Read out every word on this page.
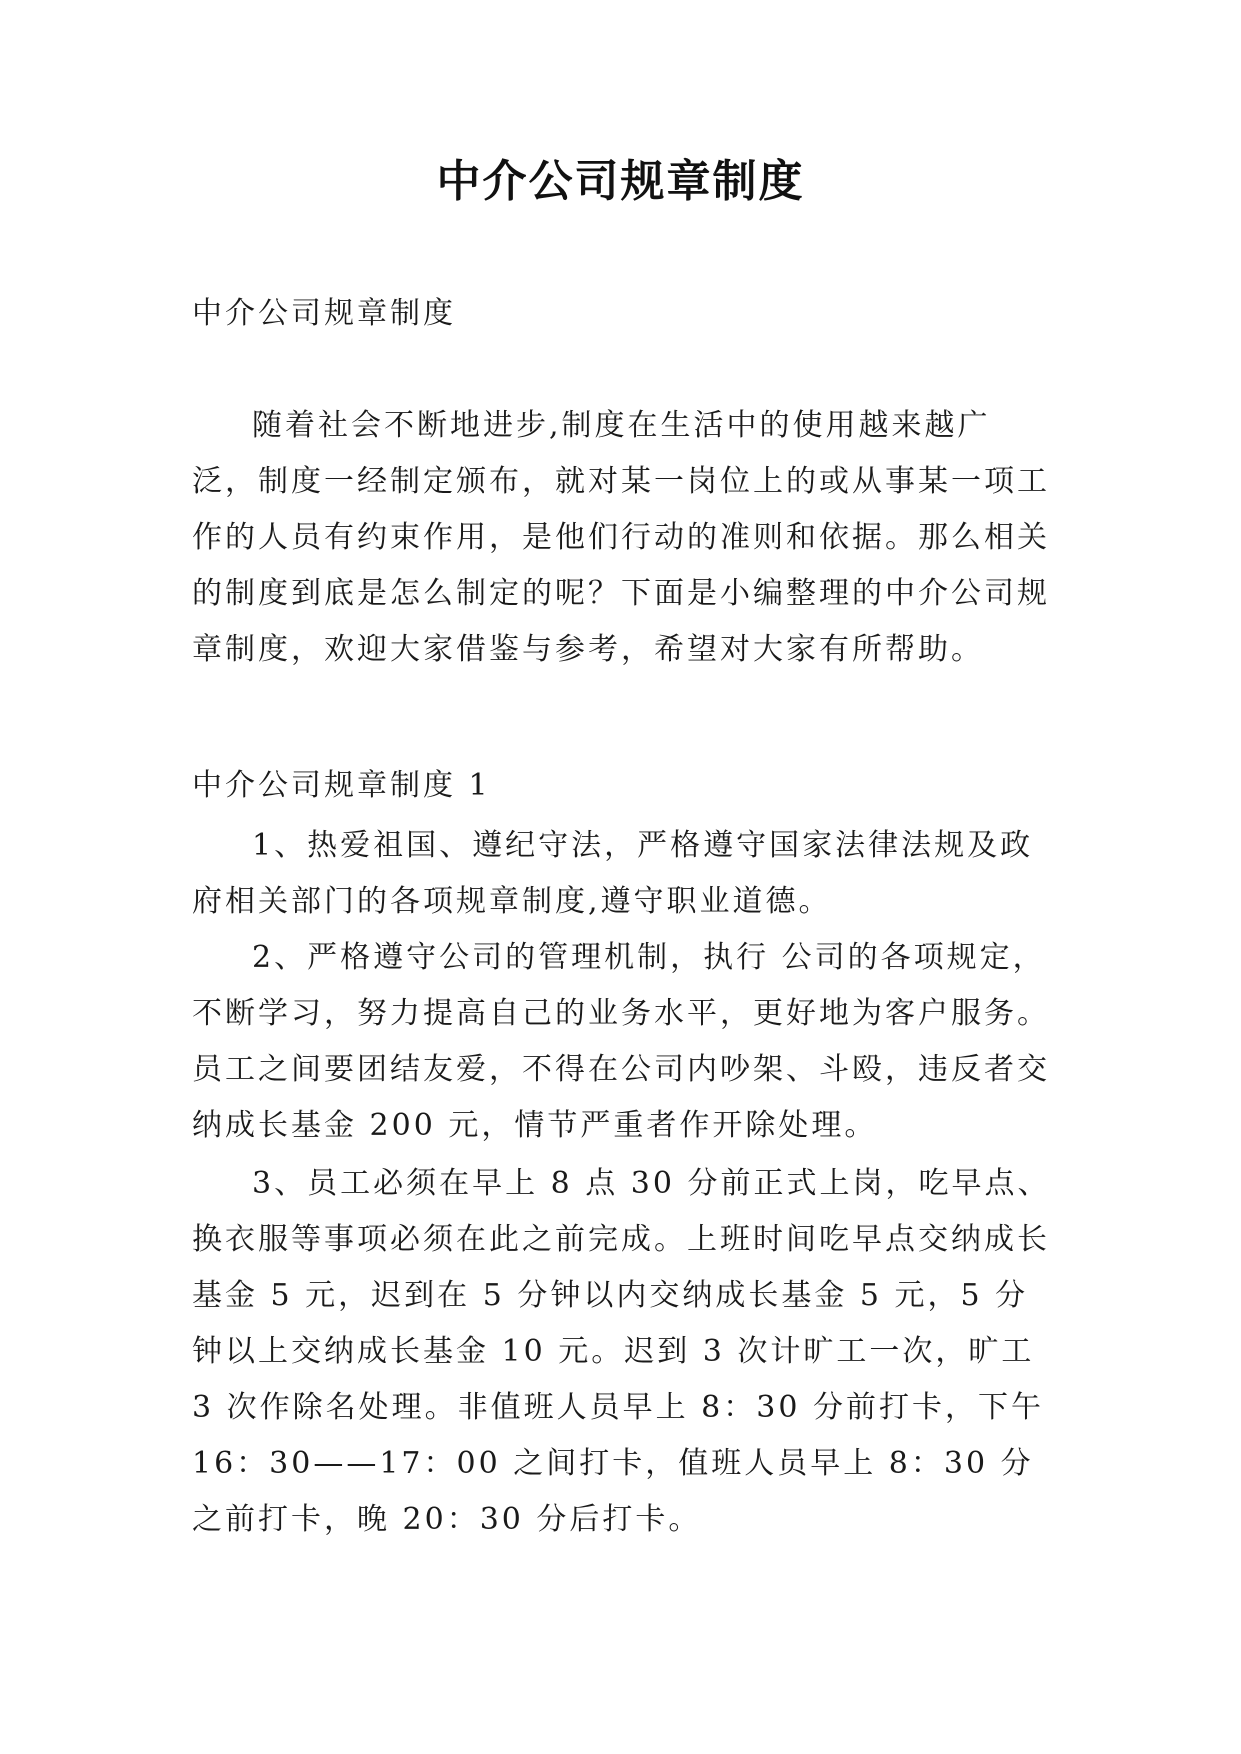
中介公司规章制度

中介公司规章制度

随着社会不断地进步,制度在生活中的使用越来越广泛，制度一经制定颁布，就对某一岗位上的或从事某一项工作的人员有约束作用，是他们行动的准则和依据。那么相关的制度到底是怎么制定的呢？下面是小编整理的中介公司规章制度，欢迎大家借鉴与参考，希望对大家有所帮助。

中介公司规章制度 1

1、热爱祖国、遵纪守法，严格遵守国家法律法规及政府相关部门的各项规章制度,遵守职业道德。

2、严格遵守公司的管理机制，执行 公司的各项规定，不断学习，努力提高自己的业务水平，更好地为客户服务。员工之间要团结友爱，不得在公司内吵架、斗殴，违反者交纳成长基金 200 元，情节严重者作开除处理。

3、员工必须在早上 8 点 30 分前正式上岗，吃早点、换衣服等事项必须在此之前完成。上班时间吃早点交纳成长基金 5 元，迟到在 5 分钟以内交纳成长基金 5 元，5 分钟以上交纳成长基金 10 元。迟到 3 次计旷工一次，旷工 3 次作除名处理。非值班人员早上 8：30 分前打卡，下午 16：30——17：00 之间打卡，值班人员早上 8：30 分之前打卡，晚 20：30 分后打卡。
